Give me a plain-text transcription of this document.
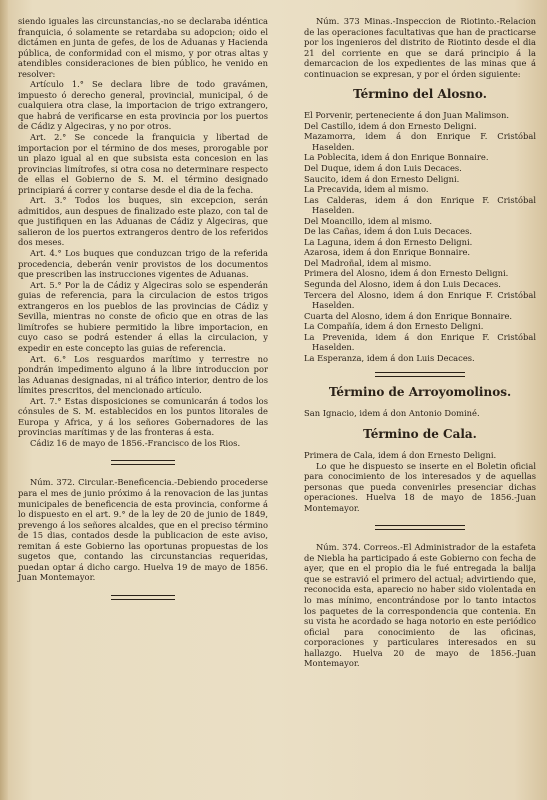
siendo iguales las circunstancias,-no se declaraba idéntica franquicia, ó solamente se retardaba su adopcion; oido el dictámen en junta de gefes, de los de Aduanas y Hacienda pública, de conformidad con el mismo, y por otras altas y atendibles consideraciones de bien público, he venido en resolver:

Artículo 1.° Se declara libre de todo gravámen, impuesto ó derecho general, provincial, municipal, ó de cualquiera otra clase, la importacion de trigo extrangero, que habrá de verificarse en esta provincia por los puertos de Cádiz y Algeciras, y no por otros.

Art. 2.° Se concede la franquicia y libertad de importacion por el término de dos meses, prorogable por un plazo igual al en que subsista esta concesion en las provincias limítrofes, si otra cosa no determinare respecto de ellas el Gobierno de S. M. el término designado principiará á correr y contarse desde el dia de la fecha.

Art. 3.° Todos los buques, sin excepcion, serán admitidos, aun despues de finalizado este plazo, con tal de que justifiquen en las Aduanas de Cádiz y Algeciras, que salieron de los puertos extrangeros dentro de los referidos dos meses.

Art. 4.° Los buques que conduzcan trigo de la referida procedencia, deberán venir provistos de los documentos que prescriben las instrucciones vigentes de Aduanas.

Art. 5.° Por la de Cádiz y Algeciras solo se espenderán guias de referencia, para la circulacion de estos trigos extrangeros en los pueblos de las provincias de Cádiz y Sevilla, mientras no conste de oficio que en otras de las limítrofes se hubiere permitido la libre importacion, en cuyo caso se podrá estender á ellas la circulacion, y expedir en este concepto las guias de referencia.

Art. 6.° Los resguardos marítimo y terrestre no pondrán impedimento alguno á la libre introduccion por las Aduanas designadas, ni al tráfico interior, dentro de los límites prescritos, del mencionado artículo.

Art. 7.° Estas disposiciones se comunicarán á todos los cónsules de S. M. establecidos en los puntos litorales de Europa y Africa, y á los señores Gobernadores de las provincias marítimas y de las fronteras á esta.

Cádiz 16 de mayo de 1856.-Francisco de los Rios.

Núm. 372. Circular.-Beneficencia.-Debiendo procederse para el mes de junio próximo á la renovacion de las juntas municipales de beneficencia de esta provincia, conforme á lo dispuesto en el art. 9.° de la ley de 20 de junio de 1849, prevengo á los señores alcaldes, que en el preciso término de 15 dias, contados desde la publicacion de este aviso, remitan á este Gobierno las oportunas propuestas de los sugetos que, contando las circunstancias requeridas, puedan optar á dicho cargo. Huelva 19 de mayo de 1856. Juan Montemayor.

Núm. 373 Minas.-Inspeccion de Riotinto.-Relacion de las operaciones facultativas que han de practicarse por los ingenieros del distrito de Riotinto desde el dia 21 del corriente en que se dará principio á la demarcacion de los expedientes de las minas que á continuacion se expresan, y por el órden siguiente:

Término del Alosno.

El Porvenir, perteneciente á don Juan Malimson.

Del Castillo, idem á don Ernesto Deligni.

Mazamorra, idem á don Enrique F. Cristóbal Haselden.

La Poblecita, idem á don Enrique Bonnaire.

Del Duque, idem á don Luis Decaces.

Saucito, idem á don Ernesto Deligni.

La Precavida, idem al mismo.

Las Calderas, idem á don Enrique F. Cristóbal Haselden.

Del Moancillo, idem al mismo.

De las Cañas, idem á don Luis Decaces.

La Laguna, idem á don Ernesto Deligni.

Azarosa, idem á don Enrique Bonnaire.

Del Madroñal, idem al mismo.

Primera del Alosno, idem á don Ernesto Deligni.

Segunda del Alosno, idem á don Luis Decaces.

Tercera del Alosno, idem á don Enrique F. Cristóbal Haselden.

Cuarta del Alosno, idem á don Enrique Bonnaire.

La Compañía, idem á don Ernesto Deligni.

La Prevenida, idem á don Enrique F. Cristóbal Haselden.

La Esperanza, idem á don Luis Decaces.

Término de Arroyomolinos.

San Ignacio, idem á don Antonio Dominé.

Término de Cala.

Primera de Cala, idem á don Ernesto Deligni.

Lo que he dispuesto se inserte en el Boletin oficial para conocimiento de los interesados y de aquellas personas que pueda convenirles presenciar dichas operaciones. Huelva 18 de mayo de 1856.-Juan Montemayor.

Núm. 374. Correos.-El Administrador de la estafeta de Niebla ha participado á este Gobierno con fecha de ayer, que en el propio dia le fué entregada la balija que se estravió el primero del actual; advirtiendo que, reconocida esta, aparecio no haber sido violentada en lo mas mínimo, encontrándose por lo tanto intactos los paquetes de la correspondencia que contenia. En su vista he acordado se haga notorio en este periódico oficial para conocimiento de las oficinas, corporaciones y particulares interesados en su hallazgo. Huelva 20 de mayo de 1856.-Juan Montemayor.
